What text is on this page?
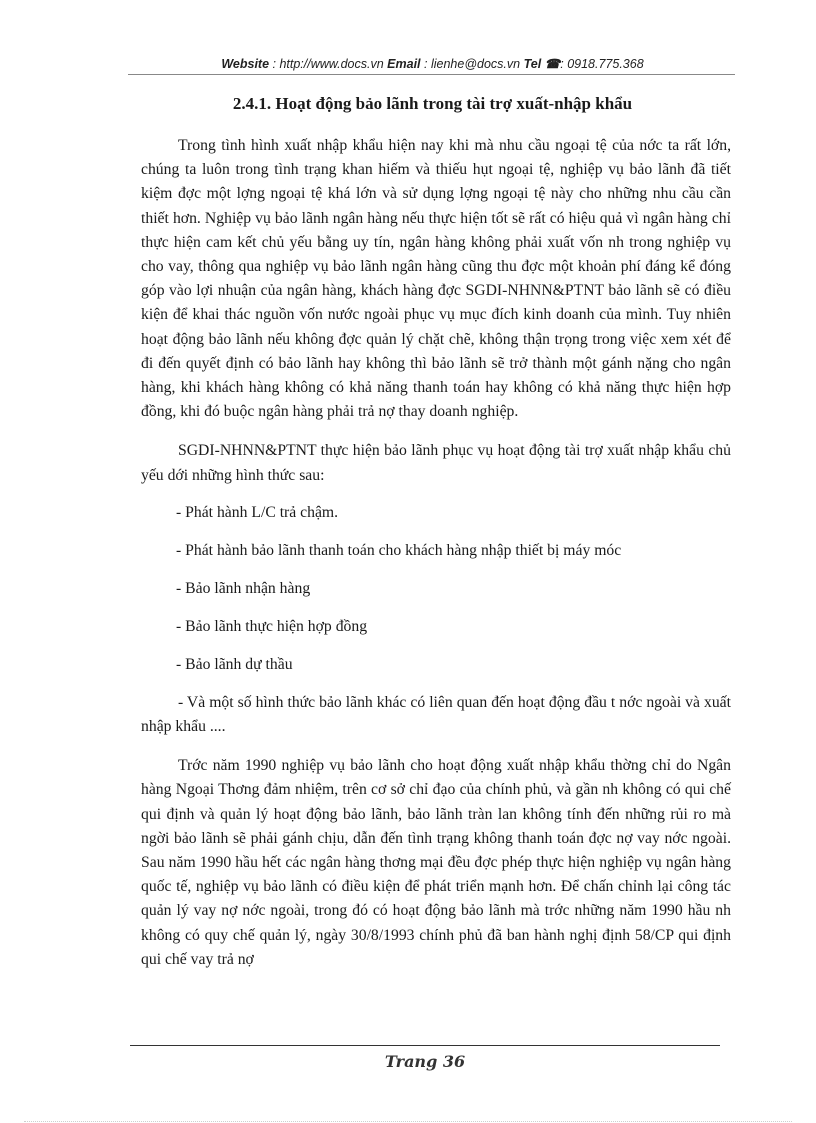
Website : http://www.docs.vn Email : lienhe@docs.vn Tel ☎: 0918.775.368
2.4.1. Hoạt động bảo lãnh trong tài trợ xuất-nhập khẩu

Trong tình hình xuất nhập khẩu hiện nay khi mà nhu cầu ngoại tệ của nớc ta rất lớn, chúng ta luôn trong tình trạng khan hiếm và thiếu hụt ngoại tệ, nghiệp vụ bảo lãnh đã tiết kiệm đợc một lợng ngoại tệ khá lớn và sử dụng lợng ngoại tệ này cho những nhu cầu cần thiết hơn. Nghiệp vụ bảo lãnh ngân hàng nếu thực hiện tốt sẽ rất có hiệu quả vì ngân hàng chỉ thực hiện cam kết chủ yếu bằng uy tín, ngân hàng không phải xuất vốn nh trong nghiệp vụ cho vay, thông qua nghiệp vụ bảo lãnh ngân hàng cũng thu đợc một khoản phí đáng kể đóng góp vào lợi nhuận của ngân hàng, khách hàng đợc SGDI-NHNN&PTNT bảo lãnh sẽ có điều kiện để khai thác nguồn vốn nước ngoài phục vụ mục đích kinh doanh của mình. Tuy nhiên hoạt động bảo lãnh nếu không đợc quản lý chặt chẽ, không thận trọng trong việc xem xét để đi đến quyết định có bảo lãnh hay không thì bảo lãnh sẽ trở thành một gánh nặng cho ngân hàng, khi khách hàng không có khả năng thanh toán hay không có khả năng thực hiện hợp đồng, khi đó buộc ngân hàng phải trả nợ thay doanh nghiệp.

SGDI-NHNN&PTNT thực hiện bảo lãnh phục vụ hoạt động tài trợ xuất nhập khẩu chủ yếu dới những hình thức sau:

- Phát hành L/C trả chậm.

- Phát hành bảo lãnh thanh toán cho khách hàng nhập thiết bị máy móc

- Bảo lãnh nhận hàng

- Bảo lãnh thực hiện hợp đồng

- Bảo lãnh dự thầu

- Và một số hình thức bảo lãnh khác có liên quan đến hoạt động đầu t nớc ngoài và xuất nhập khẩu ....

Trớc năm 1990 nghiệp vụ bảo lãnh cho hoạt động xuất nhập khẩu thờng chỉ do Ngân hàng Ngoại Thơng đảm nhiệm, trên cơ sở chỉ đạo của chính phủ, và gần nh không có qui chế qui định và quản lý hoạt động bảo lãnh, bảo lãnh tràn lan không tính đến những rủi ro mà ngời bảo lãnh sẽ phải gánh chịu, dẫn đến tình trạng không thanh toán đợc nợ vay nớc ngoài. Sau năm 1990 hầu hết các ngân hàng thơng mại đều đợc phép thực hiện nghiệp vụ ngân hàng quốc tế, nghiệp vụ bảo lãnh có điều kiện để phát triển mạnh hơn. Để chấn chỉnh lại công tác quản lý vay nợ nớc ngoài, trong đó có hoạt động bảo lãnh mà trớc những năm 1990 hầu nh không có quy chế quản lý, ngày 30/8/1993 chính phủ đã ban hành nghị định 58/CP qui định qui chế vay trả nợ

Trang 36
